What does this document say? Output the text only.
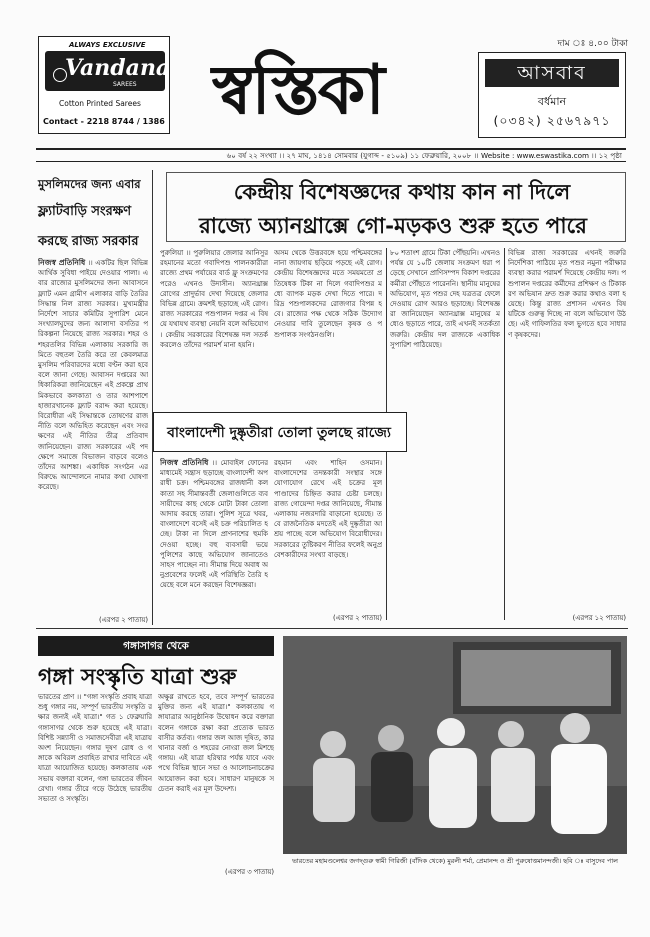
ALWAYS EXCLUSIVE
Vandana
SAREES
Cotton Printed Sarees
Contact - 2218 8744 / 1386
দাম ঃ ৪.০০ টাকা
স্বস্তিকা	আসবাব
বর্ধমান
(০৩৪২) ২৫৬৭৯৭১
৬০ বর্ষ ২২ সংখ্যা ।। ২৭ মাঘ, ১৪১৪ সোমবার (যুগাব্দ - ৫১০৯) ১১ ফেব্রুয়ারি, ২০০৮ ।। Website : www.eswastika.com ।। ১২ পৃষ্ঠা
মুসলিমদের জন্য এবার
ফ্ল্যাটবাড়ি সংরক্ষণ
করছে রাজ্য সরকার
নিজস্ব প্রতিনিধি ।। একটির ছিল বিভিন্ন আর্থিক সুবিধা পাইয়ে দেওয়ার পালা। এবার রাজ্যের মুসলিমদের জন্য আবাসনে ফ্ল্যাট এমন গ্রামীণ এলাকার বাড়ি তৈরির সিদ্ধান্ত নিল রাজ্য সরকার। মুখ্যমন্ত্রীর নির্দেশে সাচার কমিটির সুপারিশ মেনে সংখ্যালঘুদের জন্য আলাদা বসতির পরিকল্পনা নিয়েছে রাজ্য সরকার। শহর ও শহরতলির বিভিন্ন এলাকায় সরকারি জমিতে বহুতল তৈরি করে তা কেবলমাত্র মুসলিম পরিবারদের মধ্যে বণ্টন করা হবে বলে জানা গেছে। আবাসন দপ্তরের আধিকারিকরা জানিয়েছেন এই প্রকল্পে প্রাথমিকভাবে কলকাতা ও তার আশপাশে হাজারখানেক ফ্ল্যাট বরাদ্দ করা হয়েছে। বিরোধীরা এই সিদ্ধান্তকে তোষণের রাজনীতি বলে অভিহিত করেছেন এবং সংরক্ষণের এই নীতির তীব্র প্রতিবাদ জানিয়েছেন। রাজ্য সরকারের এই পদক্ষেপে সমাজে বিভাজন বাড়বে বলেও তাঁদের আশঙ্কা। একাধিক সংগঠন এর বিরুদ্ধে আন্দোলনে নামার কথা ঘোষণা করেছে।
(এরপর ২ পাতায়)
কেন্দ্রীয় বিশেষজ্ঞদের কথায় কান না দিলে
রাজ্যে অ্যানথ্রাক্সে গো-মড়কও শুরু হতে পারে
পুরুলিয়া ।। পুরুলিয়ার জেলার আনিসুর রহমানের মতো গবাদিপশু পালনকারীরা রাজ্যে প্রথম পর্যায়ের বার্ড ফ্লু সংক্রমণের পরেও এখনও উদাসীন। অ্যানথ্রাক্স রোগের প্রাদুর্ভাব দেখা দিয়েছে জেলার বিভিন্ন গ্রামে। ক্রমশই ছড়াচ্ছে এই রোগ। রাজ্য সরকারের পশুপালন দপ্তর এ বিষয়ে যথাযথ ব্যবস্থা নেয়নি বলে অভিযোগ। কেন্দ্রীয় সরকারের বিশেষজ্ঞ দল সতর্ক করলেও তাঁদের পরামর্শ মানা হয়নি।
অসম থেকে উত্তরবঙ্গে হয়ে পশ্চিমবঙ্গের নানা জায়গায় ছড়িয়ে পড়ছে এই রোগ। কেন্দ্রীয় বিশেষজ্ঞদের মতে সময়মতো প্রতিষেধক টিকা না দিলে গবাদিপশুর মধ্যে ব্যাপক মড়ক দেখা দিতে পারে। দরিদ্র পশুপালকদের রোজগার বিপন্ন হবে। রাজ্যের পক্ষ থেকে সঠিক উদ্যোগ নেওয়ার দাবি তুলেছেন কৃষক ও পশুপালক সংগঠনগুলি।
৮০ শতাংশ গ্রামে টিকা পৌঁছয়নি। এখনও পর্যন্ত যে ১০টি জেলায় সংক্রমণ ধরা পড়েছে সেখানে প্রাণিসম্পদ বিকাশ দপ্তরের কর্মীরা পৌঁছতে পারেননি। স্থানীয় মানুষের অভিযোগ, মৃত পশুর দেহ যত্রতত্র ফেলে দেওয়ায় রোগ আরও ছড়াচ্ছে। বিশেষজ্ঞরা জানিয়েছেন অ্যানথ্রাক্স মানুষের মধ্যেও ছড়াতে পারে, তাই এখনই সতর্কতা জরুরি। কেন্দ্রীয় দল রাজ্যকে একাধিক সুপারিশ পাঠিয়েছে।
বিভিন্ন রাজ্য সরকারের এখনই জরুরি নির্দেশিকা পাঠিয়ে মৃত পশুর নমুনা পরীক্ষার ব্যবস্থা করার পরামর্শ দিয়েছে কেন্দ্রীয় দল। পশুপালন দপ্তরের কর্মীদের প্রশিক্ষণ ও টিকাকরণ অভিযান দ্রুত শুরু করার কথাও বলা হয়েছে। কিন্তু রাজ্য প্রশাসন এখনও বিষয়টিকে গুরুত্ব দিচ্ছে না বলে অভিযোগ উঠছে। এই গাফিলতির ফল ভুগতে হবে সাধারণ কৃষকদের।
(এরপর ১২ পাতায়)
বাংলাদেশী দুষ্কৃতীরা তোলা তুলছে রাজ্যে
নিজস্ব প্রতিনিধি ।। মোবাইল ফোনের মাধ্যমেই সন্ত্রাস ছড়াচ্ছে বাংলাদেশী অপরাধী চক্র। পশ্চিমবঙ্গের রাজধানী কলকাতা সহ সীমান্তবর্তী জেলাগুলিতে ব্যবসায়ীদের কাছ থেকে মোটা টাকা তোলা আদায় করছে তারা। পুলিশ সূত্রে খবর, বাংলাদেশে বসেই এই চক্র পরিচালিত হচ্ছে। টাকা না দিলে প্রাণনাশের হুমকি দেওয়া হচ্ছে। বহু ব্যবসায়ী ভয়ে পুলিশের কাছে অভিযোগ জানাতেও সাহস পাচ্ছেন না। সীমান্ত দিয়ে অবাধ অনুপ্রবেশের ফলেই এই পরিস্থিতি তৈরি হয়েছে বলে মনে করছেন বিশেষজ্ঞরা।
রহমান এবং শাহিন ওসমান। বাংলাদেশের তদন্তকারী সংস্থার সঙ্গে যোগাযোগ রেখে এই চক্রের মূল পাণ্ডাদের চিহ্নিত করার চেষ্টা চলছে। রাজ্য গোয়েন্দা দপ্তর জানিয়েছে, সীমান্ত এলাকায় নজরদারি বাড়ানো হয়েছে। তবে রাজনৈতিক মদতেই এই দুষ্কৃতীরা আশ্রয় পাচ্ছে বলে অভিযোগ বিরোধীদের। সরকারের তুষ্টিকরণ নীতির ফলেই অনুপ্রবেশকারীদের সংখ্যা বাড়ছে।
(এরপর ২ পাতায়)
গঙ্গাসাগর থেকে
গঙ্গা সংস্কৃতি যাত্রা শুরু
ভারতের প্রাণ ।। "গঙ্গা সংস্কৃতি প্রবাহ যাত্রা শুধু গঙ্গার নয়, সম্পূর্ণ ভারতীয় সংস্কৃতি রক্ষার জন্যই এই যাত্রা।" গত ১ ফেব্রুয়ারি গঙ্গাসাগর থেকে শুরু হয়েছে এই যাত্রা। বিশিষ্ট সন্ন্যাসী ও সমাজসেবীরা এই যাত্রায় অংশ নিয়েছেন। গঙ্গার দূষণ রোধ ও গঙ্গাকে অবিরল প্রবাহিত রাখার দাবিতে এই যাত্রা আয়োজিত হয়েছে। কলকাতায় এক সভায় বক্তারা বলেন, গঙ্গা ভারতের জীবনরেখা। গঙ্গার তীরে গড়ে উঠেছে ভারতীয় সভ্যতা ও সংস্কৃতি।
অক্ষুণ্ণ রাখতে হবে, তবে সম্পূর্ণ ভারতের মুক্তির জন্য এই যাত্রা।" কলকাতায় গঙ্গাযাত্রার আনুষ্ঠানিক উদ্বোধন করে বক্তারা বলেন গঙ্গাকে রক্ষা করা প্রত্যেক ভারতবাসীর কর্তব্য। গঙ্গার জল আজ দূষিত, কারখানার বর্জ্য ও শহরের নোংরা জল মিশছে গঙ্গায়। এই যাত্রা হরিদ্বার পর্যন্ত যাবে এবং পথে বিভিন্ন স্থানে সভা ও আলোচনাচক্রের আয়োজন করা হবে। সাধারণ মানুষকে সচেতন করাই এর মূল উদ্দেশ্য।
(এরপর ৩ পাতায়)
ভারতের মহামণ্ডলেশ্বর জগদ্গুরু স্বামী গিরিজী (বাঁদিক থেকে) মুরলী শর্মা, প্রেমানন্দ ও শ্রী পুরুষোত্তমানন্দজী। ছবি ঃ বাসুদেব পাল
